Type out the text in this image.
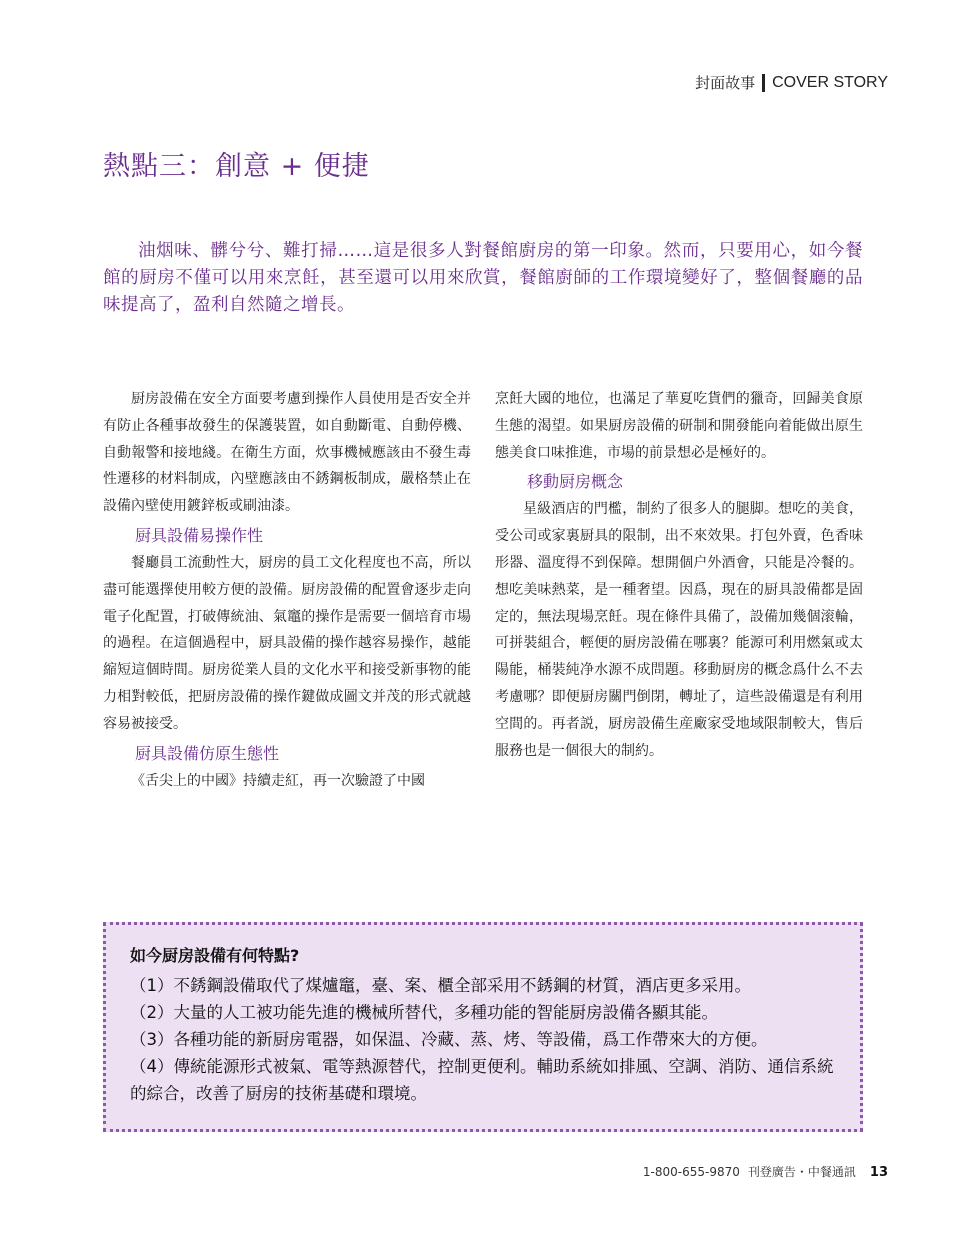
封面故事 COVER STORY
熱點三：創意 + 便捷

油烟味、髒兮兮、難打掃……這是很多人對餐館廚房的第一印象。然而，只要用心，如今餐館的厨房不僅可以用來烹飪，甚至還可以用來欣賞，餐館廚師的工作環境變好了，整個餐廳的品味提高了，盈利自然隨之增長。

厨房設備在安全方面要考慮到操作人員使用是否安全并有防止各種事故發生的保護裝置，如自動斷電、自動停機、自動報警和接地綫。在衛生方面，炊事機械應該由不發生毒性遷移的材料制成，內壁應該由不銹鋼板制成，嚴格禁止在設備內壁使用鍍鋅板或刷油漆。

厨具設備易操作性

餐廳員工流動性大，厨房的員工文化程度也不高，所以盡可能選擇使用較方便的設備。厨房設備的配置會逐步走向電子化配置，打破傳統油、氣竈的操作是需要一個培育市場的過程。在這個過程中，厨具設備的操作越容易操作，越能縮短這個時間。厨房從業人員的文化水平和接受新事物的能力相對較低，把厨房設備的操作鍵做成圖文并茂的形式就越容易被接受。

厨具設備仿原生態性

《舌尖上的中國》持續走紅，再一次驗證了中國

烹飪大國的地位，也滿足了華夏吃貨們的獵奇，回歸美食原生態的渴望。如果厨房設備的研制和開發能向着能做出原生態美食口味推進，市場的前景想必是極好的。

移動厨房概念

星級酒店的門檻，制約了很多人的腿脚。想吃的美食，受公司或家裏厨具的限制，出不來效果。打包外賣，色香味形器、溫度得不到保障。想開個户外酒會，只能是冷餐的。想吃美味熱菜，是一種奢望。因爲，現在的厨具設備都是固定的，無法現場烹飪。現在條件具備了，設備加幾個滚輪，可拼裝組合，輕便的厨房設備在哪裏？能源可利用燃氣或太陽能，桶裝純净水源不成問題。移動厨房的概念爲什么不去考慮哪？即便厨房關門倒閉，轉址了，這些設備還是有利用空間的。再者説，厨房設備生産廠家受地域限制較大，售后服務也是一個很大的制約。

如今厨房設備有何特點?
（1）不銹鋼設備取代了煤爐竈，臺、案、櫃全部采用不銹鋼的材質，酒店更多采用。
（2）大量的人工被功能先進的機械所替代，多種功能的智能厨房設備各顯其能。
（3）各種功能的新厨房電器，如保温、冷藏、蒸、烤、等設備，爲工作帶來大的方便。
（4）傳統能源形式被氣、電等熱源替代，控制更便利。輔助系統如排風、空調、消防、通信系統的綜合，改善了厨房的技術基礎和環境。
1-800-655-9870 刊登廣告・中餐通訊 13
